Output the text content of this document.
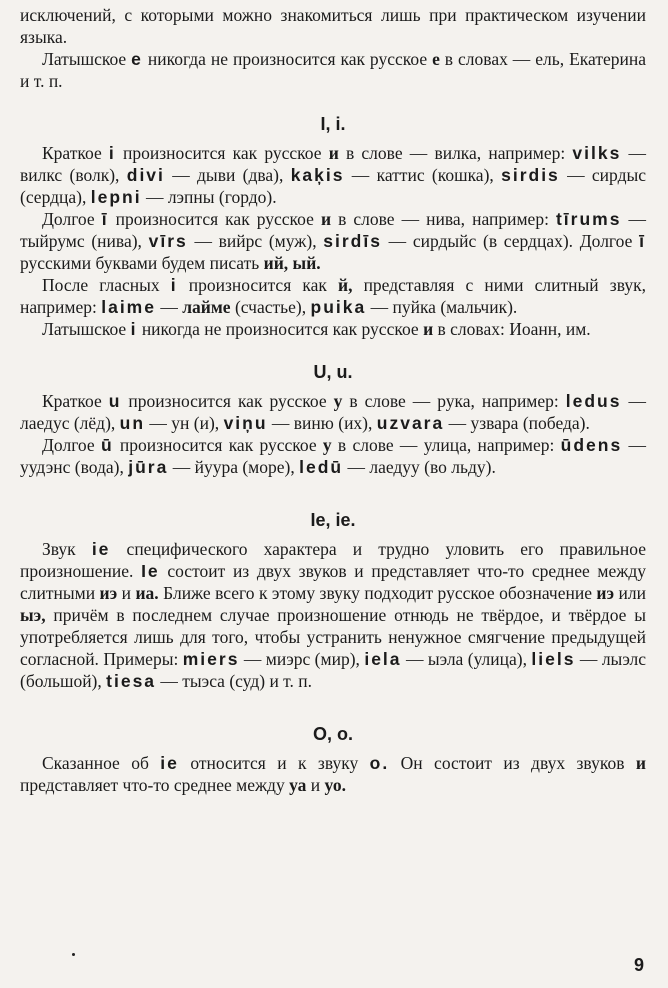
исключений, с которыми можно знакомиться лишь при практическом изучении языка.

Латышское e никогда не произносится как русское е в словах — ель, Екатерина и т. п.

I, i.

Краткое i произносится как русское и в слове — вилка, например: vilks — вилкс (волк), divi — дыви (два), kaķis — каттис (кошка), sirdis — сирдыс (сердца), lepni — лэпны (гордо).

Долгое ī произносится как русское и в слове — нива, например: tīrums — тыйрумс (нива), vīrs — вийрс (муж), sirdīs — сирдыйс (в сердцах). Долгое ī русскими буквами будем писать ий, ый.

После гласных i произносится как й, представляя с ними слитный звук, например: laime — лайме (счастье), puika — пуйка (мальчик).

Латышское i никогда не произносится как русское и в словах: Иоанн, им.

U, u.

Краткое u произносится как русское у в слове — рука, например: ledus — лаедус (лёд), un — ун (и), viņu — виню (их), uzvara — узвара (победа).

Долгое ū произносится как русское у в слове — улица, например: ūdens — уудэнс (вода), jūra — йуура (море), ledū — лаедуу (во льду).

Ie, ie.

Звук ie специфического характера и трудно уловить его правильное произношение. Ie состоит из двух звуков и представляет что-то среднее между слитными иэ и иа. Ближе всего к этому звуку подходит русское обозначение иэ или ыэ, причём в последнем случае произношение отнюдь не твёрдое, и твёрдое ы употребляется лишь для того, чтобы устранить ненужное смягчение предыдущей согласной. Примеры: miers — миэрс (мир), iela — ыэла (улица), liels — лыэлс (большой), tiesa — тыэса (суд) и т. п.

O, o.

Сказанное об ie относится и к звуку o. Он состоит из двух звуков и представляет что-то среднее между уа и уо.

9
